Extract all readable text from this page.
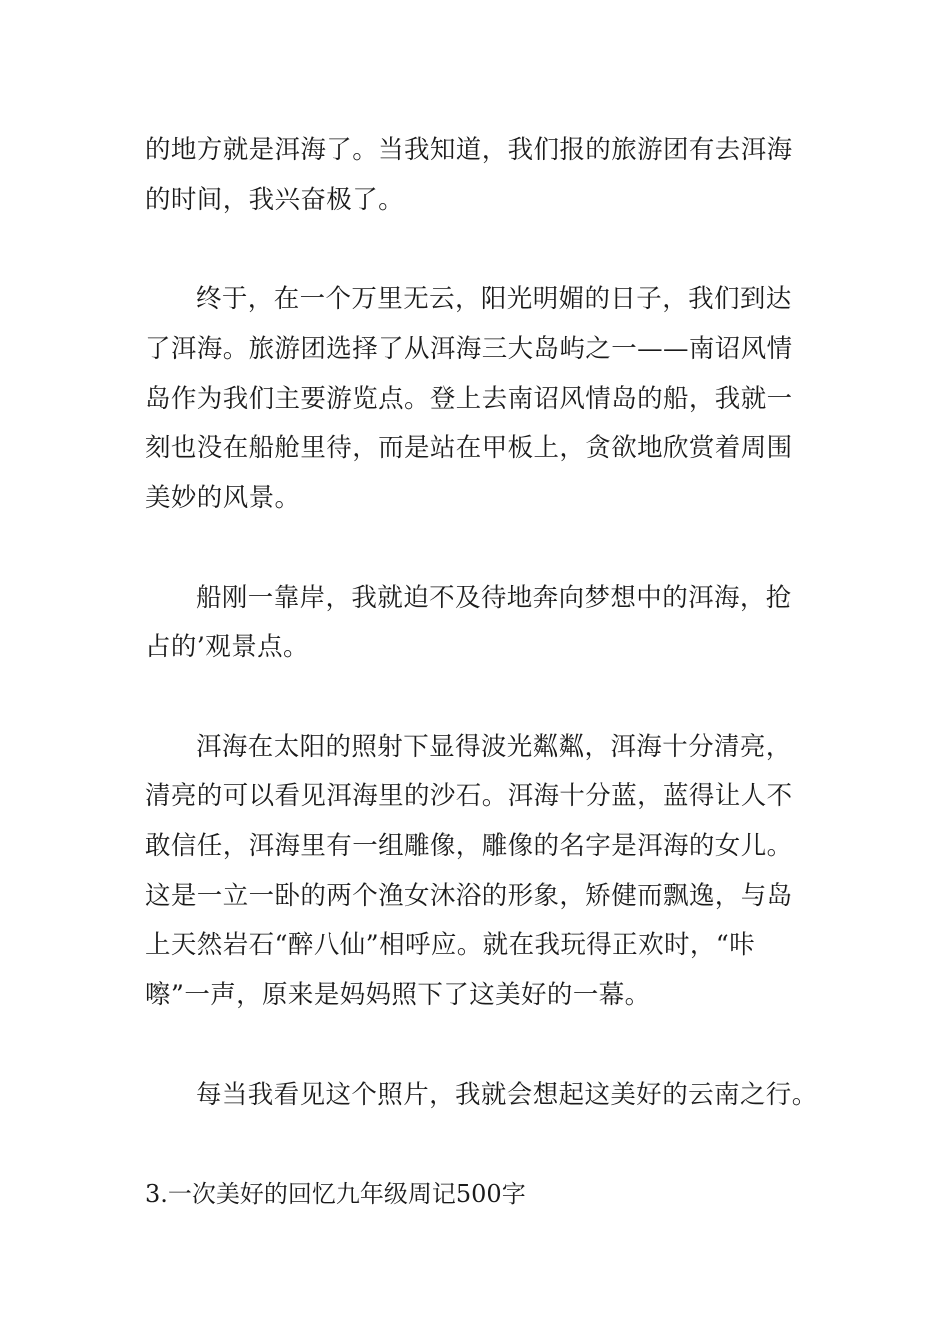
的地方就是洱海了。当我知道，我们报的旅游团有去洱海
的时间，我兴奋极了。
终于，在一个万里无云，阳光明媚的日子，我们到达
了洱海。旅游团选择了从洱海三大岛屿之一——南诏风情
岛作为我们主要游览点。登上去南诏风情岛的船，我就一
刻也没在船舱里待，而是站在甲板上，贪欲地欣赏着周围
美妙的风景。
船刚一靠岸，我就迫不及待地奔向梦想中的洱海，抢
占的’观景点。
洱海在太阳的照射下显得波光粼粼，洱海十分清亮，
清亮的可以看见洱海里的沙石。洱海十分蓝，蓝得让人不
敢信任，洱海里有一组雕像，雕像的名字是洱海的女儿。
这是一立一卧的两个渔女沐浴的形象，矫健而飘逸，与岛
上天然岩石“醉八仙”相呼应。就在我玩得正欢时，“咔
嚓”一声，原来是妈妈照下了这美好的一幕。
每当我看见这个照片，我就会想起这美好的云南之行。
3.一次美好的回忆九年级周记500字
